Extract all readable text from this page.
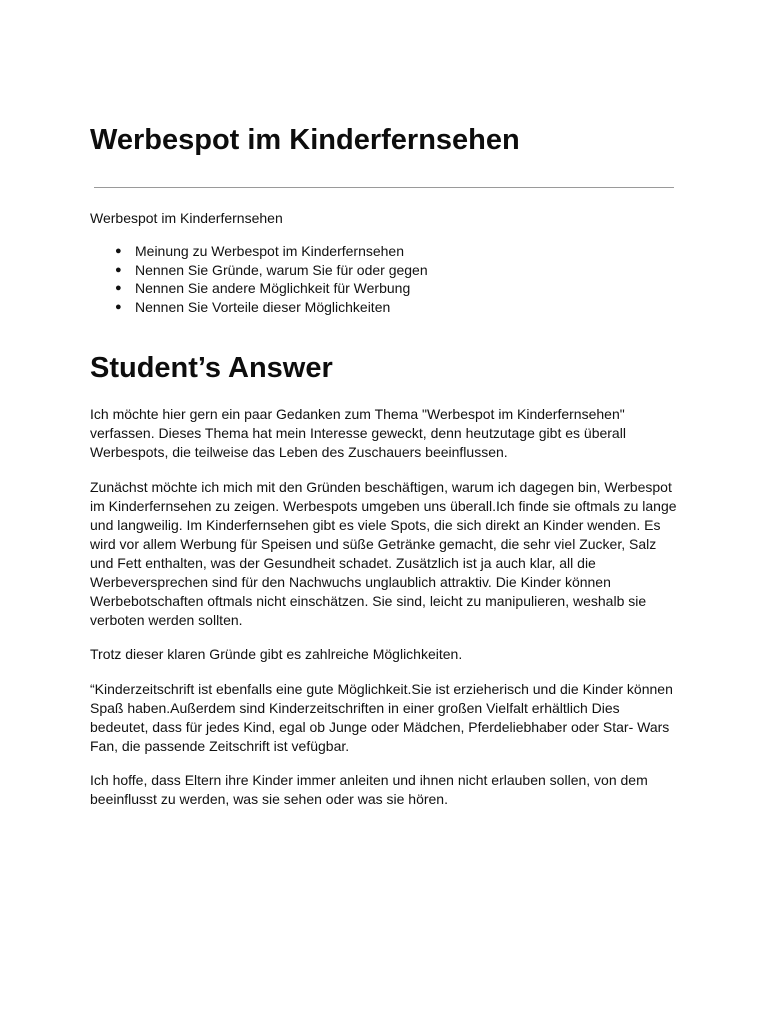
Werbespot im Kinderfernsehen
Werbespot im Kinderfernsehen
● Meinung zu Werbespot im Kinderfernsehen
● Nennen Sie Gründe, warum Sie für oder gegen
● Nennen Sie andere Möglichkeit für Werbung
● Nennen Sie Vorteile dieser Möglichkeiten
Student’s Answer

Ich möchte hier gern ein paar Gedanken zum Thema "Werbespot im Kinderfernsehen" verfassen. Dieses Thema hat mein Interesse geweckt, denn heutzutage gibt es überall Werbespots, die teilweise das Leben des Zuschauers beeinflussen.

Zunächst möchte ich mich mit den Gründen beschäftigen, warum ich dagegen bin, Werbespot im Kinderfernsehen zu zeigen. Werbespots umgeben uns überall.Ich finde sie oftmals zu lange und langweilig. Im Kinderfernsehen gibt es viele Spots, die sich direkt an Kinder wenden. Es wird vor allem Werbung für Speisen und süße Getränke gemacht, die sehr viel Zucker, Salz und Fett enthalten, was der Gesundheit schadet. Zusätzlich ist ja auch klar, all die Werbeversprechen sind für den Nachwuchs unglaublich attraktiv. Die Kinder können Werbebotschaften oftmals nicht einschätzen. Sie sind, leicht zu manipulieren, weshalb sie verboten werden sollten.

Trotz dieser klaren Gründe gibt es zahlreiche Möglichkeiten.

“Kinderzeitschrift ist ebenfalls eine gute Möglichkeit.Sie ist erzieherisch und die Kinder können Spaß haben.Außerdem sind Kinderzeitschriften in einer großen Vielfalt erhältlich Dies bedeutet, dass für jedes Kind, egal ob Junge oder Mädchen, Pferdeliebhaber oder Star- Wars Fan, die passende Zeitschrift ist vefügbar.

Ich hoffe, dass Eltern ihre Kinder immer anleiten und ihnen nicht erlauben sollen, von dem beeinflusst zu werden, was sie sehen oder was sie hören.
